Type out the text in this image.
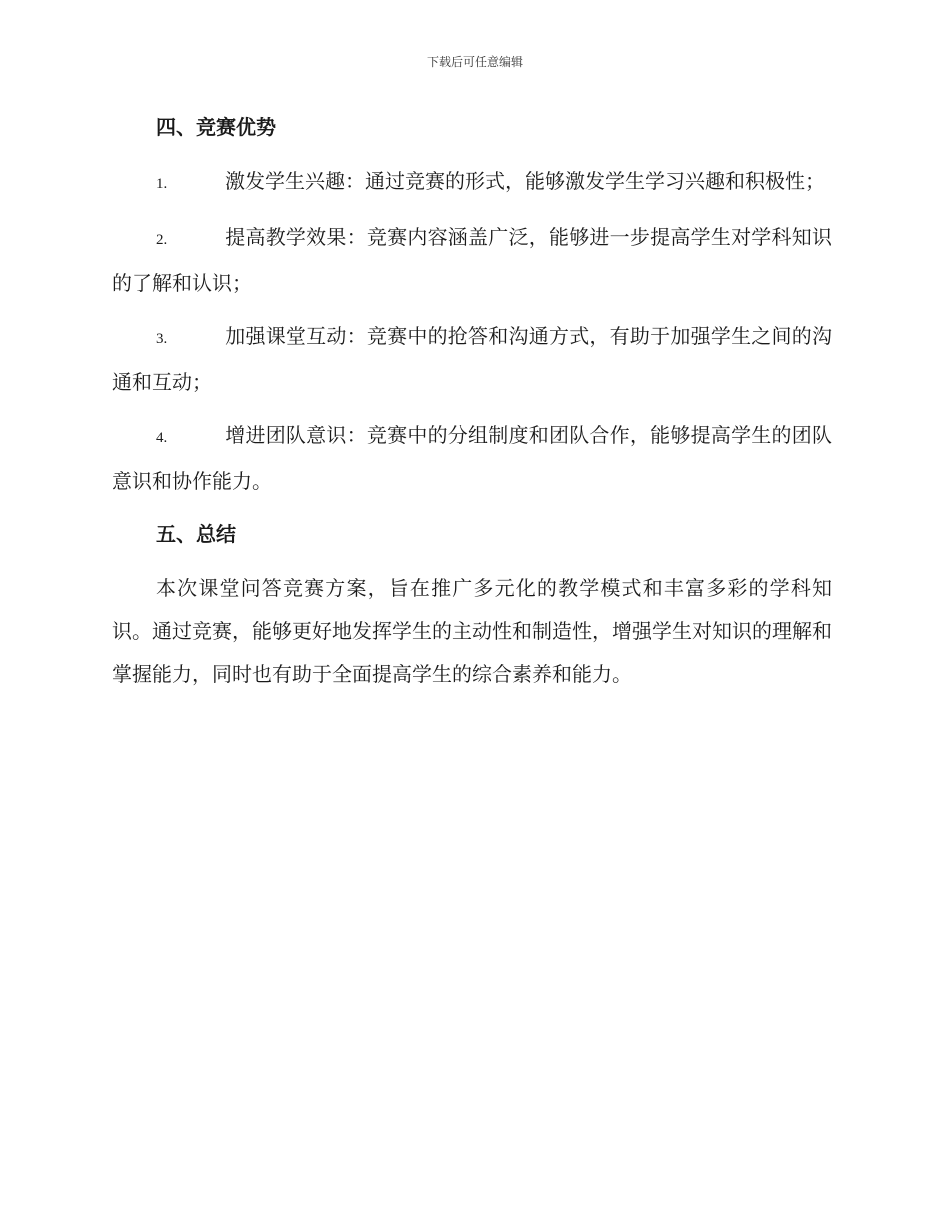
下载后可任意编辑
四、竞赛优势

1.	激发学生兴趣：通过竞赛的形式，能够激发学生学习兴趣和积极性；

2.	提高教学效果：竞赛内容涵盖广泛，能够进一步提高学生对学科知识的了解和认识；

3.	加强课堂互动：竞赛中的抢答和沟通方式，有助于加强学生之间的沟通和互动；

4.	增进团队意识：竞赛中的分组制度和团队合作，能够提高学生的团队意识和协作能力。

五、总结

本次课堂问答竞赛方案，旨在推广多元化的教学模式和丰富多彩的学科知识。通过竞赛，能够更好地发挥学生的主动性和制造性，增强学生对知识的理解和掌握能力，同时也有助于全面提高学生的综合素养和能力。
